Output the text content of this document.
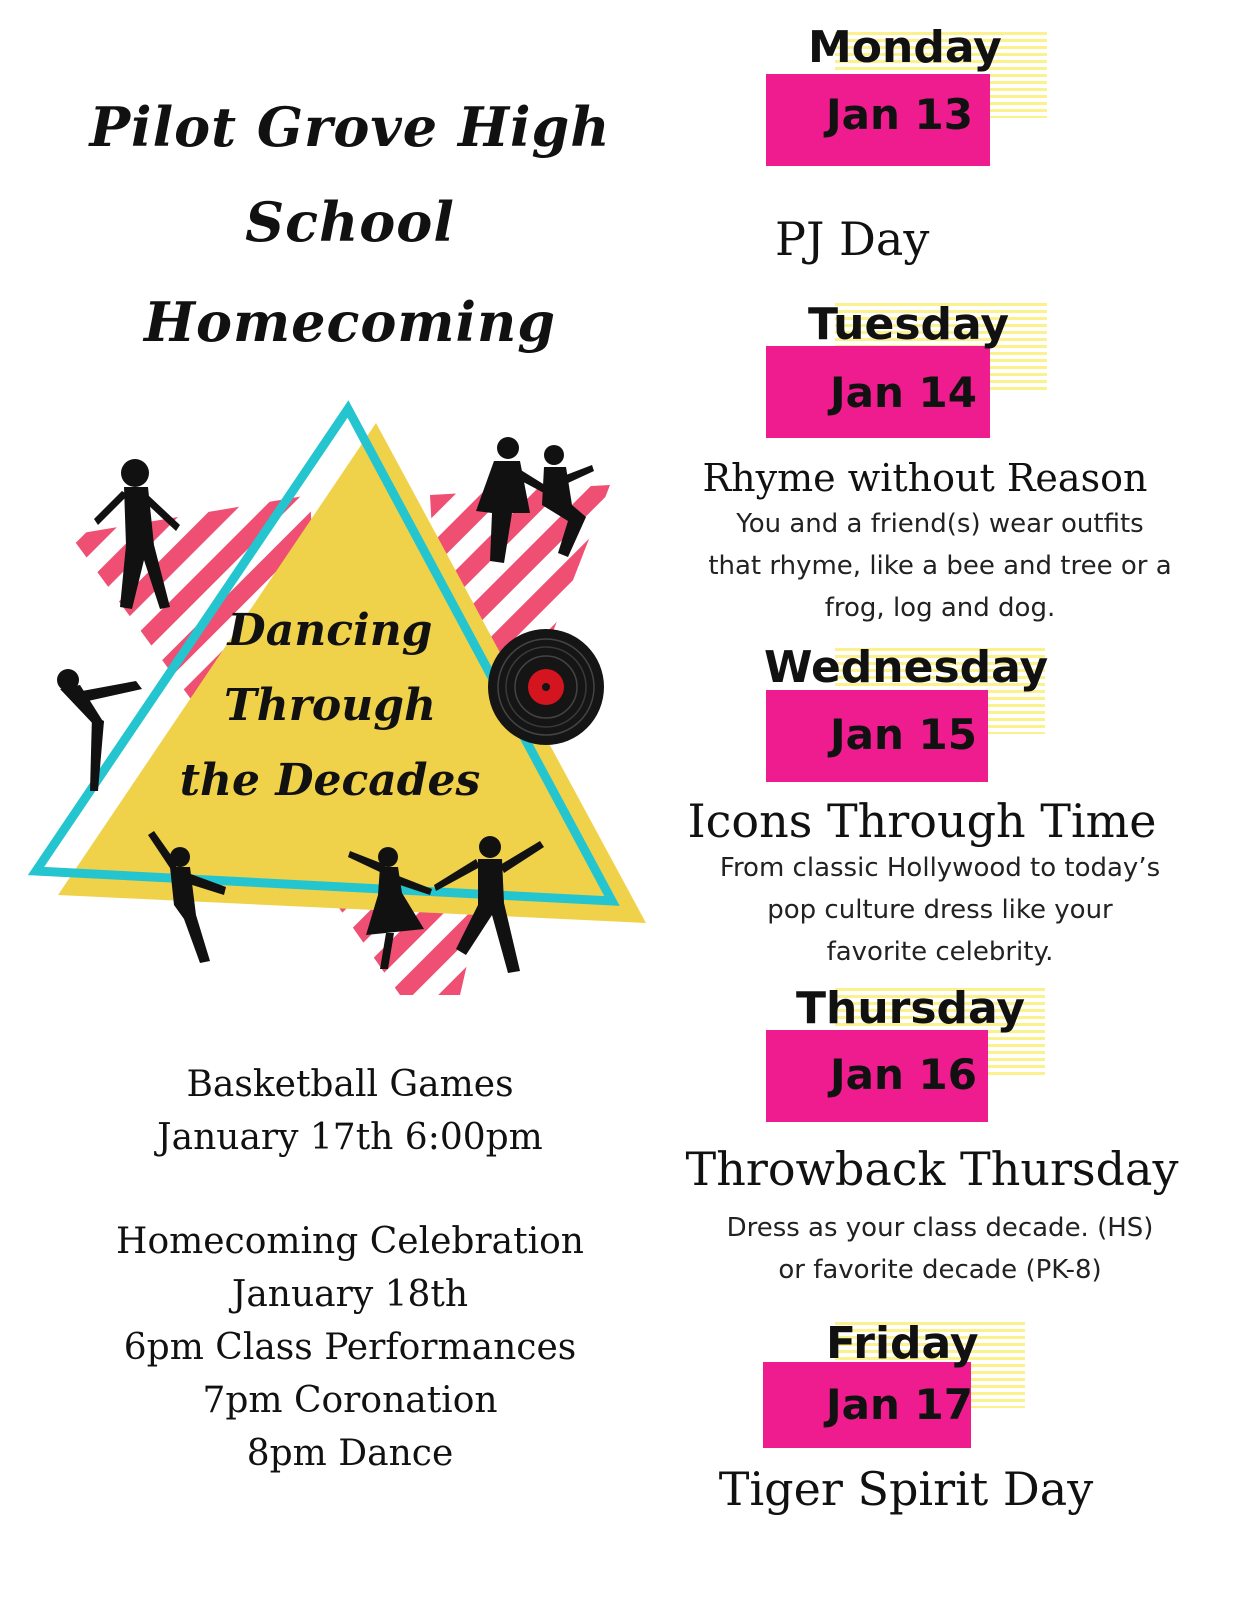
Pilot Grove High
School
Homecoming
Dancing
Through
the Decades
Basketball Games
January 17th 6:00pm
Homecoming Celebration
January 18th
6pm Class Performances
7pm Coronation
8pm Dance
Monday
Jan 13
PJ Day
Tuesday
Jan 14
Rhyme without Reason
You and a friend(s) wear outfits
that rhyme, like a bee and tree or a
frog, log and dog.
Wednesday
Jan 15
Icons Through Time
From classic Hollywood to today’s
pop culture dress like your
favorite celebrity.
Thursday
Jan 16
Throwback Thursday
Dress as your class decade. (HS)
or favorite decade (PK-8)
Friday
Jan 17
Tiger Spirit Day
